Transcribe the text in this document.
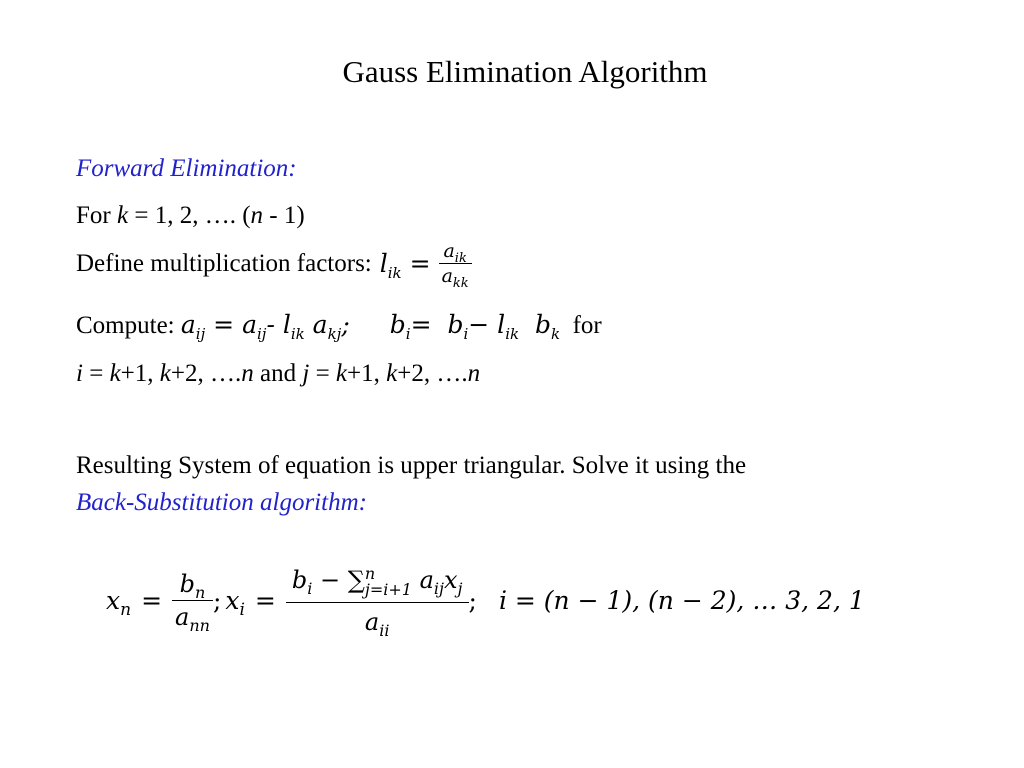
Gauss Elimination Algorithm
Forward Elimination:
For k = 1, 2, …. (n - 1)
Define multiplication factors: $l_{ik} = \frac{a_{ik}}{a_{kk}}$
Compute: $a_{ij} = a_{ij}-$ $l_{ik}$ $a_{kj}$; $b_i= b_i- l_{ik}$  $b_k$ for
i = k+1, k+2, ….n and j = k+1, k+2, ….n
Resulting System of equation is upper triangular. Solve it using the
Back-Substitution algorithm:
$x_n = \frac{b_n}{a_{nn}}$ ; $x_i = b_i$ − ∑ n
j=i+1 $a_{ij}x_j$
$a_{ii}$ ; i = (n − 1), (n − 2), … 3, 2, 1
